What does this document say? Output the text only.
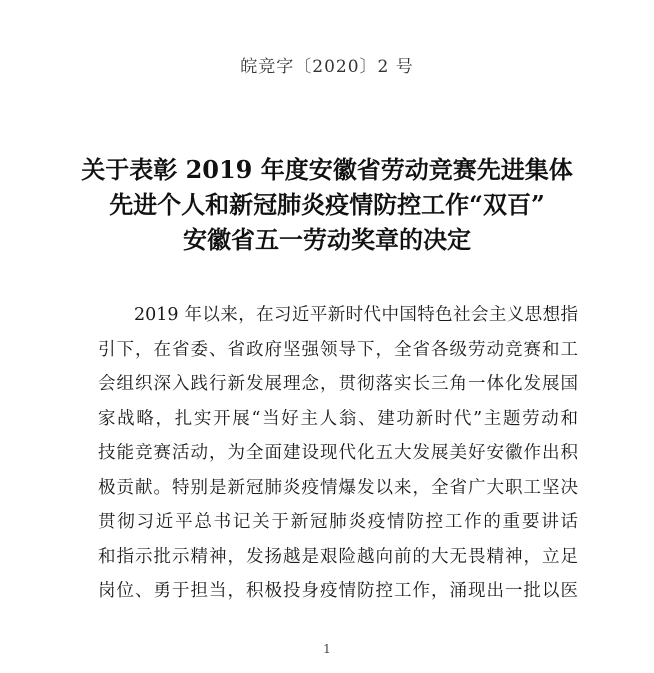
皖竞字〔2020〕2 号
关于表彰 2019 年度安徽省劳动竞赛先进集体
先进个人和新冠肺炎疫情防控工作“双百”
安徽省五一劳动奖章的决定
2019 年以来，在习近平新时代中国特色社会主义思想指
引下，在省委、省政府坚强领导下，全省各级劳动竞赛和工
会组织深入践行新发展理念，贯彻落实长三角一体化发展国
家战略，扎实开展“当好主人翁、建功新时代”主题劳动和
技能竞赛活动，为全面建设现代化五大发展美好安徽作出积
极贡献。特别是新冠肺炎疫情爆发以来，全省广大职工坚决
贯彻习近平总书记关于新冠肺炎疫情防控工作的重要讲话
和指示批示精神，发扬越是艰险越向前的大无畏精神，立足
岗位、勇于担当，积极投身疫情防控工作，涌现出一批以医
1
